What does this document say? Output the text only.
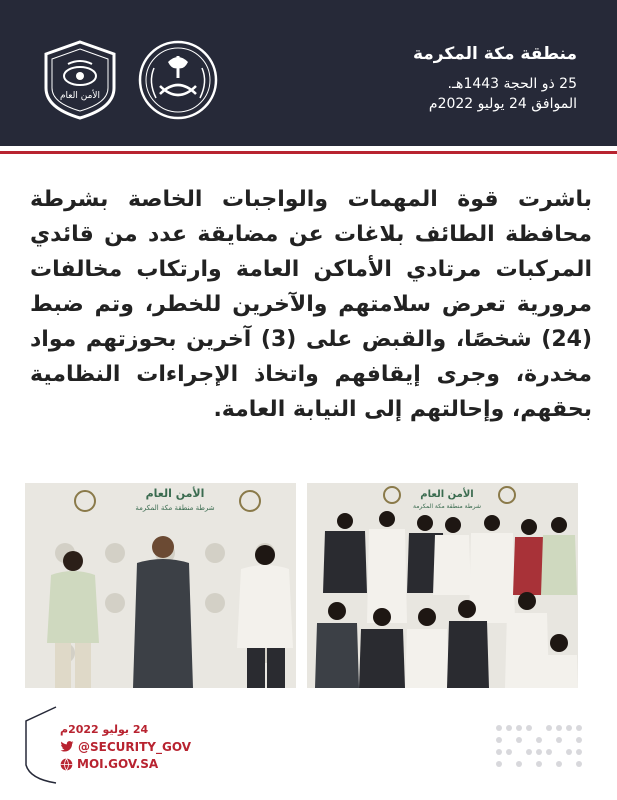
الأمن العام
منطقة مكة المكرمة
25 ذو الحجة 1443هـ.
الموافق 24 يوليو 2022م
باشرت قوة المهمات والواجبات الخاصة بشرطة محافظة الطائف بلاغات عن مضايقة عدد من قائدي المركبات مرتادي الأماكن العامة وارتكاب مخالفات مرورية تعرض سلامتهم والآخرين للخطر، وتم ضبط (24) شخصًا، والقبض على (3) آخرين بحوزتهم مواد مخدرة، وجرى إيقافهم واتخاذ الإجراءات النظامية بحقهم، وإحالتهم إلى النيابة العامة.
الأمن العام
شرطة منطقة مكة المكرمة
الأمن العام
شرطة منطقة مكة المكرمة
24 يوليو 2022م
@SECURITY_GOV
MOI.GOV.SA
